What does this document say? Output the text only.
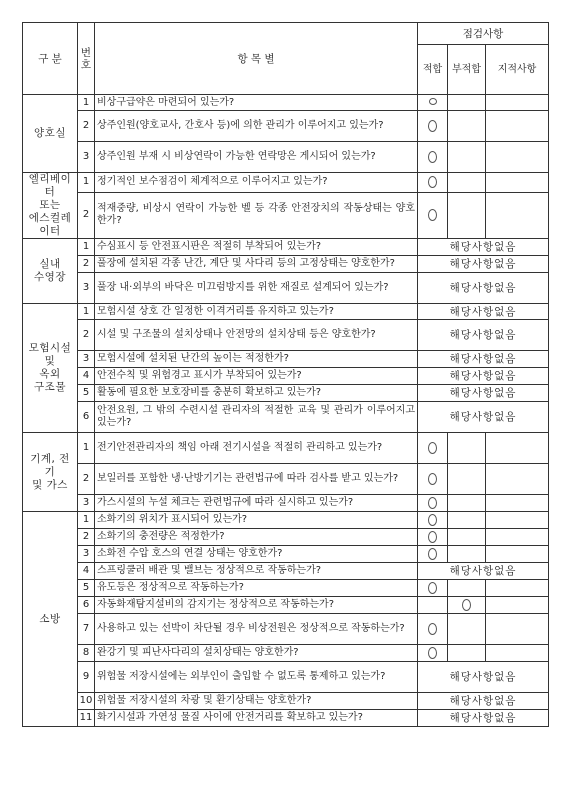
구 분	번
호	항 목 별	점검사항		
			적합	부적합	지적사항
양호실	1	비상구급약은 마련되어 있는가?			
	2	상주인원(양호교사, 간호사 등)에 의한 관리가 이루어지고 있는가?			
	3	상주인원 부재 시 비상연락이 가능한 연락망은 게시되어 있는가?			
엘리베이터
또는
에스컬레이터	1	정기적인 보수점검이 체계적으로 이루어지고 있는가?			
	2	적재중량, 비상시 연락이 가능한 벨 등 각종 안전장치의 작동상태는 양호한가?			
실내
수영장	1	수심표시 등 안전표시판은 적절히 부착되어 있는가?	해당사항없음		
	2	풀장에 설치된 각종 난간, 계단 및 사다리 등의 고정상태는 양호한가?	해당사항없음		
	3	풀장 내·외부의 바닥은 미끄럼방지를 위한 재질로 설계되어 있는가?	해당사항없음		
모험시설
및
옥외
구조물	1	모험시설 상호 간 일정한 이격거리를 유지하고 있는가?	해당사항없음		
	2	시설 및 구조물의 설치상태나 안전망의 설치상태 등은 양호한가?	해당사항없음		
	3	모험시설에 설치된 난간의 높이는 적정한가?	해당사항없음		
	4	안전수칙 및 위험경고 표시가 부착되어 있는가?	해당사항없음		
	5	활동에 필요한 보호장비를 충분히 확보하고 있는가?	해당사항없음		
	6	안전요원, 그 밖의 수련시설 관리자의 적절한 교육 및 관리가 이루어지고 있는가?	해당사항없음		
기계, 전기
및 가스	1	전기안전관리자의 책임 아래 전기시설을 적절히 관리하고 있는가?			
	2	보일러를 포함한 냉·난방기기는 관련법규에 따라 검사를 받고 있는가?			
	3	가스시설의 누설 체크는 관련법규에 따라 실시하고 있는가?			
소방	1	소화기의 위치가 표시되어 있는가?			
	2	소화기의 충전량은 적정한가?			
	3	소화전 수압 호스의 연결 상태는 양호한가?			
	4	스프링쿨러 배관 및 밸브는 정상적으로 작동하는가?	해당사항없음		
	5	유도등은 정상적으로 작동하는가?			
	6	자동화재탐지설비의 감지기는 정상적으로 작동하는가?			
	7	사용하고 있는 선박이 차단될 경우 비상전원은 정상적으로 작동하는가?			
	8	완강기 및 피난사다리의 설치상태는 양호한가?			
	9	위험물 저장시설에는 외부인이 출입할 수 없도록 통제하고 있는가?	해당사항없음		
	10	위험물 저장시설의 차광 및 환기상태는 양호한가?	해당사항없음		
	11	화기시설과 가연성 물질 사이에 안전거리를 확보하고 있는가?	해당사항없음		
